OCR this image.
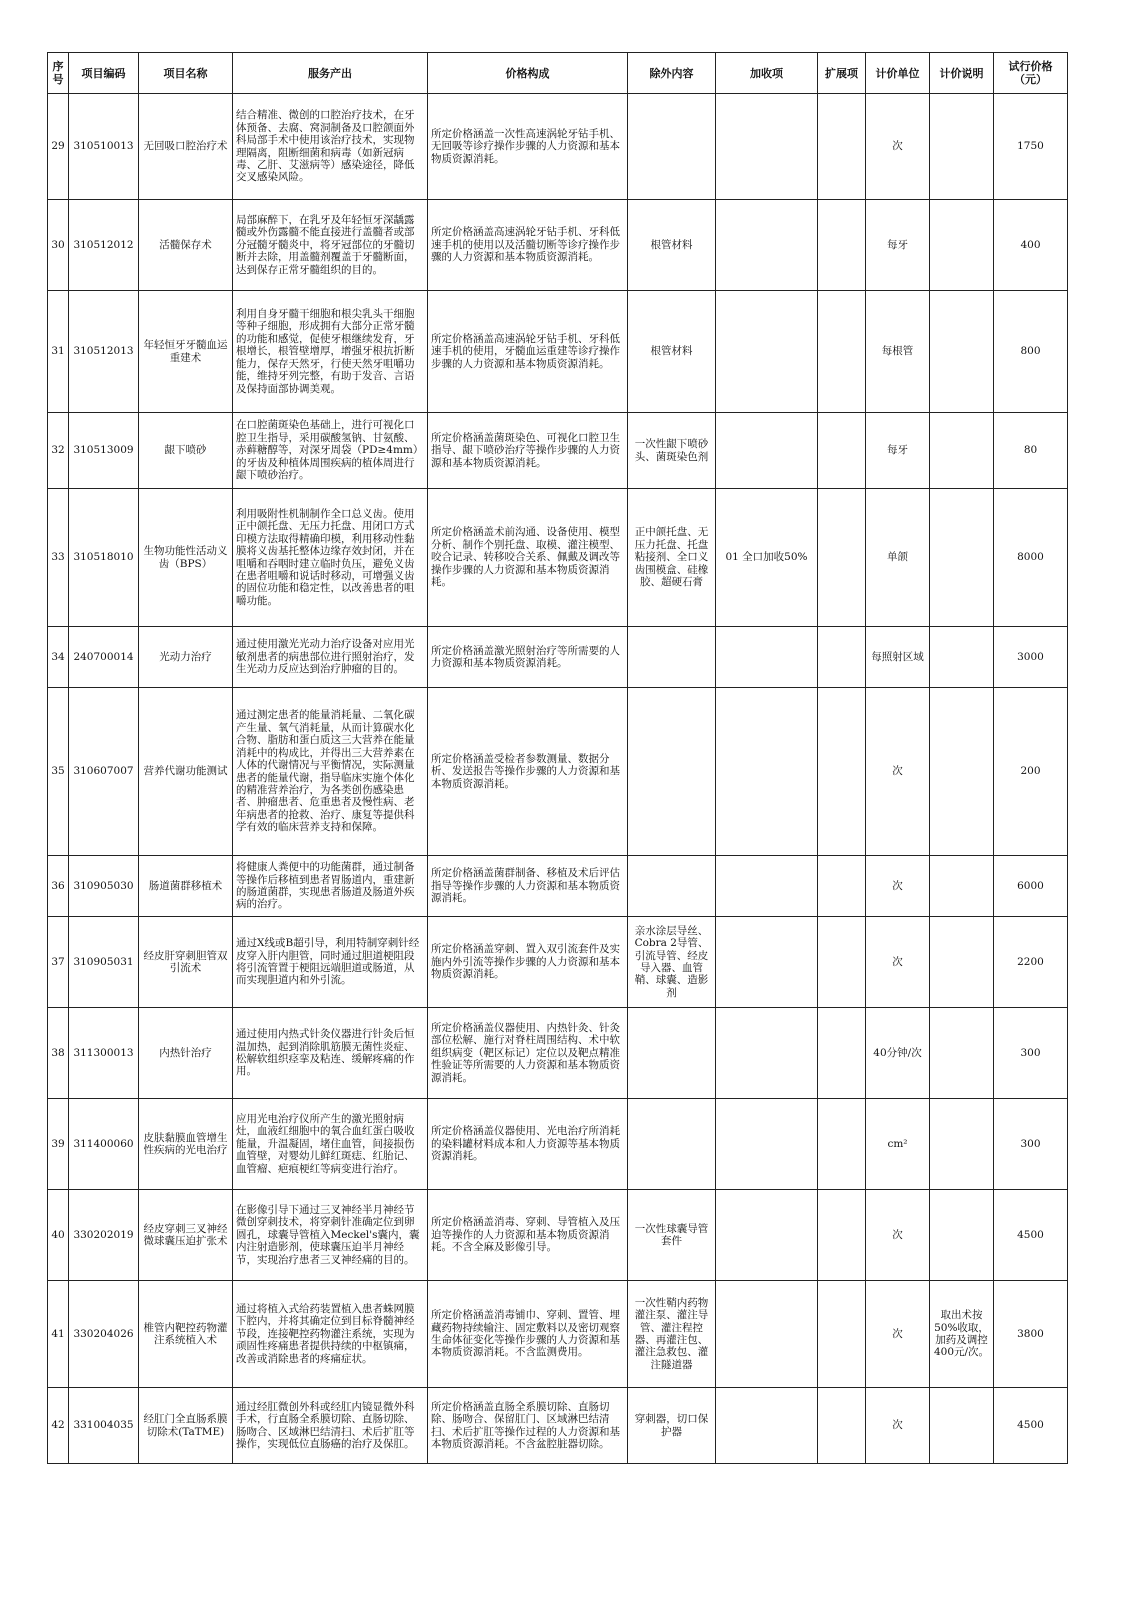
序号	项目编码	项目名称	服务产出	价格构成	除外内容	加收项	扩展项	计价单位	计价说明	试行价格（元）
29	310510013	无回吸口腔治疗术	结合精准、微创的口腔治疗技术，在牙体预备、去腐、窝洞制备及口腔颌面外科局部手术中使用该治疗技术，实现物理隔离，阻断细菌和病毒（如新冠病毒、乙肝、艾滋病等）感染途径，降低交叉感染风险。	所定价格涵盖一次性高速涡轮牙钻手机、无回吸等诊疗操作步骤的人力资源和基本物质资源消耗。				次		1750
30	310512012	活髓保存术	局部麻醉下，在乳牙及年轻恒牙深龋露髓或外伤露髓不能直接进行盖髓者或部分冠髓牙髓炎中，将牙冠部位的牙髓切断并去除，用盖髓剂覆盖于牙髓断面，达到保存正常牙髓组织的目的。	所定价格涵盖高速涡轮牙钻手机、牙科低速手机的使用以及活髓切断等诊疗操作步骤的人力资源和基本物质资源消耗。	根管材料			每牙		400
31	310512013	年轻恒牙牙髓血运重建术	利用自身牙髓干细胞和根尖乳头干细胞等种子细胞，形成拥有大部分正常牙髓的功能和感觉，促使牙根继续发育，牙根增长，根管壁增厚，增强牙根抗折断能力，保存天然牙，行使天然牙咀嚼功能，维持牙列完整，有助于发音、言语及保持面部协调美观。	所定价格涵盖高速涡轮牙钻手机、牙科低速手机的使用，牙髓血运重建等诊疗操作步骤的人力资源和基本物质资源消耗。	根管材料			每根管		800
32	310513009	龈下喷砂	在口腔菌斑染色基础上，进行可视化口腔卫生指导，采用碳酸氢钠、甘氨酸、赤藓糖醇等，对深牙周袋（PD≥4mm）的牙齿及种植体周围疾病的植体周进行龈下喷砂治疗。	所定价格涵盖菌斑染色、可视化口腔卫生指导、龈下喷砂治疗等操作步骤的人力资源和基本物质资源消耗。	一次性龈下喷砂头、菌斑染色剂			每牙		80
33	310518010	生物功能性活动义齿（BPS）	利用吸附性机制制作全口总义齿。使用正中颌托盘、无压力托盘、用闭口方式印模方法取得精确印模，利用移动性黏膜将义齿基托整体边缘存效封闭，并在咀嚼和吞咽时建立临时负压，避免义齿在患者咀嚼和说话时移动，可增强义齿的固位功能和稳定性，以改善患者的咀嚼功能。	所定价格涵盖术前沟通、设备使用、模型分析、制作个别托盘、取模、灌注模型、咬合记录、转移咬合关系、佩戴及调改等操作步骤的人力资源和基本物质资源消耗。	正中颌托盘、无压力托盘、托盘粘接剂、全口义齿围模盒、硅橡胶、超硬石膏	01 全口加收50%		单颌		8000
34	240700014	光动力治疗	通过使用激光光动力治疗设备对应用光敏剂患者的病患部位进行照射治疗，发生光动力反应达到治疗肿瘤的目的。	所定价格涵盖激光照射治疗等所需要的人力资源和基本物质资源消耗。				每照射区域		3000
35	310607007	营养代谢功能测试	通过测定患者的能量消耗量、二氧化碳产生量、氧气消耗量，从而计算碳水化合物、脂肪和蛋白质这三大营养在能量消耗中的构成比，并得出三大营养素在人体的代谢情况与平衡情况，实际测量患者的能量代谢，指导临床实施个体化的精准营养治疗，为各类创伤感染患者、肿瘤患者、危重患者及慢性病、老年病患者的抢救、治疗、康复等提供科学有效的临床营养支持和保障。	所定价格涵盖受检者参数测量、数据分析、发送报告等操作步骤的人力资源和基本物质资源消耗。				次		200
36	310905030	肠道菌群移植术	将健康人粪便中的功能菌群，通过制备等操作后移植到患者胃肠道内，重建新的肠道菌群，实现患者肠道及肠道外疾病的治疗。	所定价格涵盖菌群制备、移植及术后评估指导等操作步骤的人力资源和基本物质资源消耗。				次		6000
37	310905031	经皮肝穿刺胆管双引流术	通过X线或B超引导，利用特制穿刺针经皮穿入肝内胆管，同时通过胆道梗阻段将引流管置于梗阻远端胆道或肠道，从而实现胆道内和外引流。	所定价格涵盖穿刺、置入双引流套件及实施内外引流等操作步骤的人力资源和基本物质资源消耗。	亲水涂层导丝、Cobra 2导管、引流导管、经皮导入器、血管鞘、球囊、造影剂			次		2200
38	311300013	内热针治疗	通过使用内热式针灸仪器进行针灸后恒温加热，起到消除肌筋膜无菌性炎症、松解软组织痉挛及粘连、缓解疼痛的作用。	所定价格涵盖仪器使用、内热针灸、针灸部位松解、施行对脊柱周围结构、术中软组织病变（靶区标记）定位以及靶点精准性验证等所需要的人力资源和基本物质资源消耗。				40分钟/次		300
39	311400060	皮肤黏膜血管增生性疾病的光电治疗	应用光电治疗仪所产生的激光照射病灶，血液红细胞中的氧合血红蛋白吸收能量，升温凝固，堵住血管，间接损伤血管壁，对婴幼儿鲜红斑痣、红胎记、血管瘤、疤痕梗红等病变进行治疗。	所定价格涵盖仪器使用、光电治疗所消耗的染料罐材料成本和人力资源等基本物质资源消耗。				cm²		300
40	330202019	经皮穿刺三叉神经微球囊压迫扩张术	在影像引导下通过三叉神经半月神经节微创穿刺技术，将穿刺针准确定位到卵圆孔，球囊导管植入Meckel's囊内，囊内注射造影剂，使球囊压迫半月神经节，实现治疗患者三叉神经痛的目的。	所定价格涵盖消毒、穿刺、导管植入及压迫等操作的人力资源和基本物质资源消耗。不含全麻及影像引导。	一次性球囊导管套件			次		4500
41	330204026	椎管内靶控药物灌注系统植入术	通过将植入式给药装置植入患者蛛网膜下腔内，并将其确定位到目标脊髓神经节段，连接靶控药物灌注系统，实现为顽固性疼痛患者提供持续的中枢镇痛，改善或消除患者的疼痛症状。	所定价格涵盖消毒铺巾、穿刺、置管、埋藏药物持续输注、固定敷料以及密切观察生命体征变化等操作步骤的人力资源和基本物质资源消耗。不含监测费用。	一次性鞘内药物灌注泵、灌注导管、灌注程控器、再灌注包、灌注急救包、灌注隧道器			次	取出术按50%收取，加药及调控400元/次。	3800
42	331004035	经肛门全直肠系膜切除术(TaTME)	通过经肛微创外科或经肛内镜显微外科手术，行直肠全系膜切除、直肠切除、肠吻合、区域淋巴结清扫、术后扩肛等操作，实现低位直肠癌的治疗及保肛。	所定价格涵盖直肠全系膜切除、直肠切除、肠吻合、保留肛门、区域淋巴结清扫、术后扩肛等操作过程的人力资源和基本物质资源消耗。不含盆腔脏器切除。	穿刺器，切口保护器			次		4500
